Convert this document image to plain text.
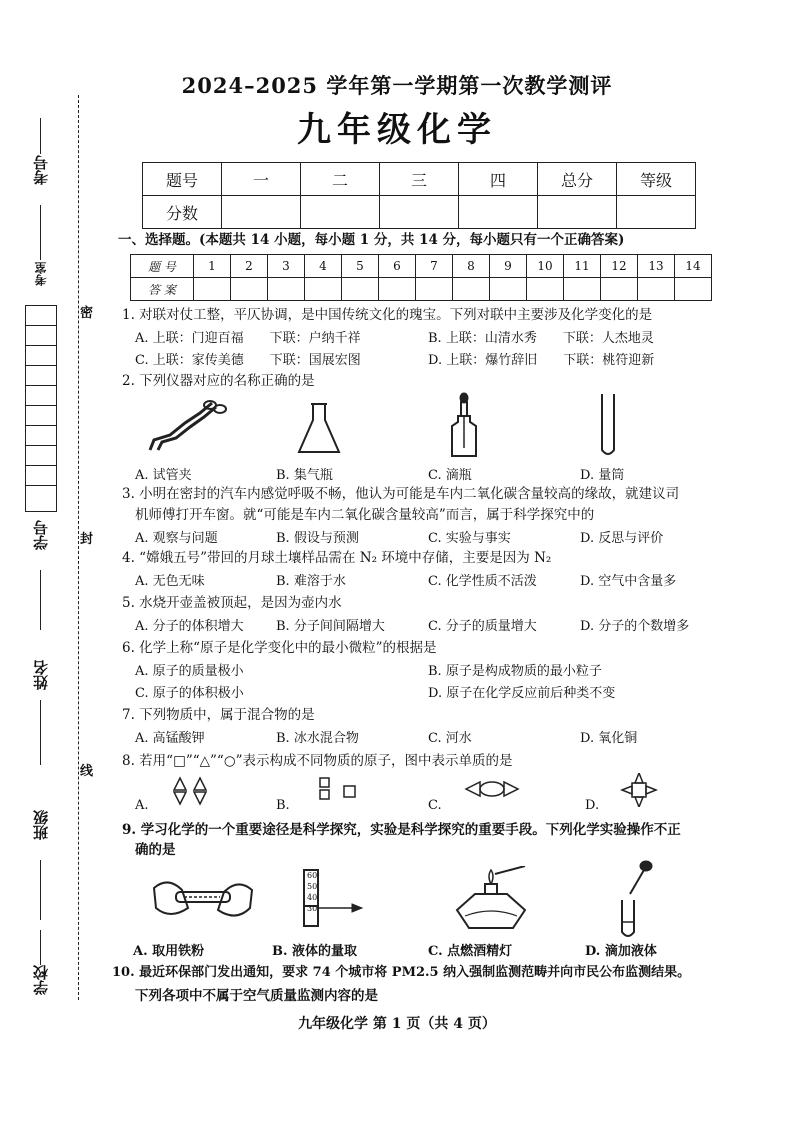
考号
考室
学号
姓名
班级
学校
密
封
线
2024–2025 学年第一学期第一次教学测评
九年级化学
题号	一	二	三	四	总分	等级
分数						
一、选择题。(本题共 14 小题，每小题 1 分，共 14 分，每小题只有一个正确答案)
题 号	1	2	3	4	5	6	7	8	9	10	11	12	13	14
答 案														
1. 对联对仗工整，平仄协调，是中国传统文化的瑰宝。下列对联中主要涉及化学变化的是
A. 上联：门迎百福　　下联：户纳千祥	B. 上联：山清水秀　　下联：人杰地灵
C. 上联：家传美德　　下联：国展宏图	D. 上联：爆竹辞旧　　下联：桃符迎新
2. 下列仪器对应的名称正确的是
A. 试管夹	B. 集气瓶	C. 滴瓶	D. 量筒
3. 小明在密封的汽车内感觉呼吸不畅，他认为可能是车内二氧化碳含量较高的缘故，就建议司
机师傅打开车窗。就“可能是车内二氧化碳含量较高”而言，属于科学探究中的
A. 观察与问题	B. 假设与预测	C. 实验与事实	D. 反思与评价
4. “嫦娥五号”带回的月球土壤样品需在 N₂ 环境中存储，主要是因为 N₂
A. 无色无味	B. 难溶于水	C. 化学性质不活泼	D. 空气中含量多
5. 水烧开壶盖被顶起，是因为壶内水
A. 分子的体积增大 B. 分子间间隔增大	C. 分子的质量增大	D. 分子的个数增多
6. 化学上称“原子是化学变化中的最小微粒”的根据是
A. 原子的质量极小	B. 原子是构成物质的最小粒子
C. 原子的体积极小	D. 原子在化学反应前后种类不变
7. 下列物质中，属于混合物的是
A. 高锰酸钾	B. 冰水混合物	C. 河水	D. 氧化铜
8. 若用“□”“△”“○”表示构成不同物质的原子，图中表示单质的是
A.	B.	C.	D.
9. 学习化学的一个重要途径是科学探究，实验是科学探究的重要手段。下列化学实验操作不正
确的是
60
50
40
30
A. 取用铁粉	B. 液体的量取	C. 点燃酒精灯	D. 滴加液体
10. 最近环保部门发出通知，要求 74 个城市将 PM2.5 纳入强制监测范畴并向市民公布监测结果。
下列各项中不属于空气质量监测内容的是
九年级化学 第 1 页（共 4 页）
